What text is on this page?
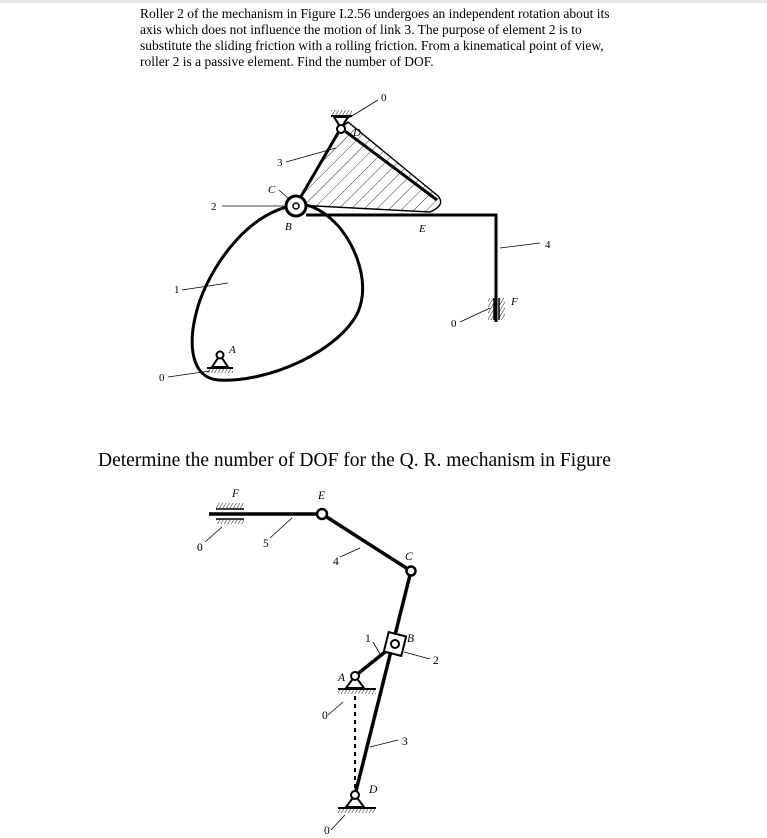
Roller 2 of the mechanism in Figure I.2.56 undergoes an independent rotation about its axis which does not influence the motion of link 3. The purpose of element 2 is to substitute the sliding friction with a rolling friction. From a kinematical point of view, roller 2 is a passive element. Find the number of DOF.

0
D
3
C
2
B	E
4
1
F
0
A
0
F	E
0	5
4	C
1	B
2
A
0
3
D
0

Determine the number of DOF for the Q. R. mechanism in Figure
